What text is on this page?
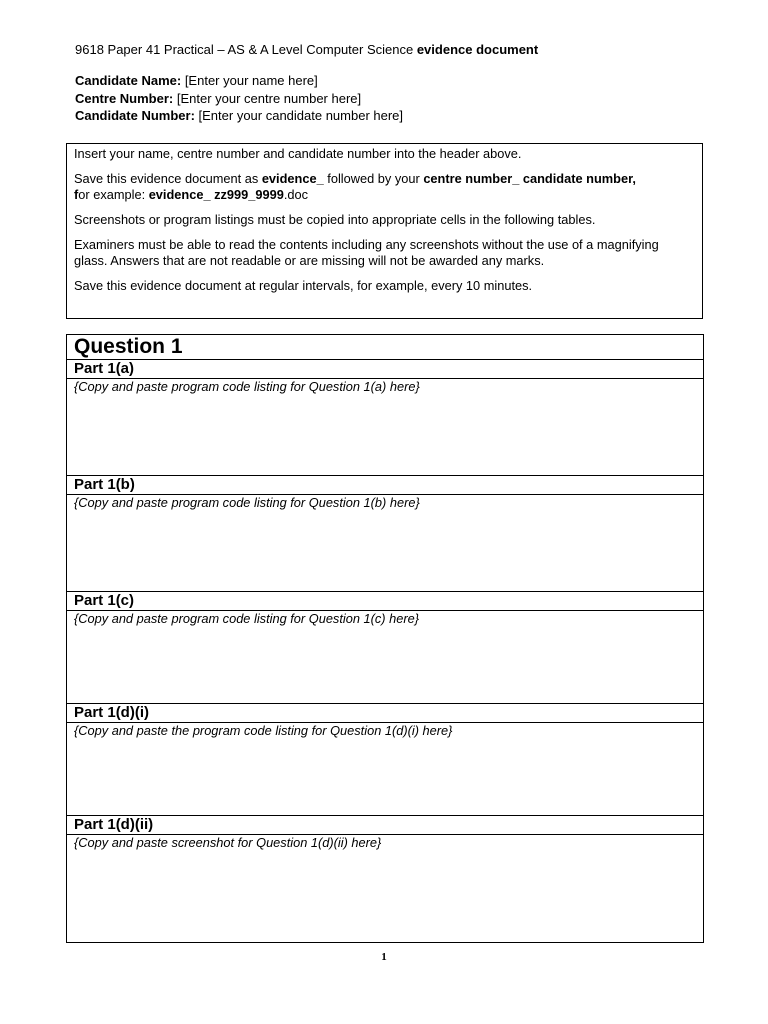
9618 Paper 41 Practical – AS & A Level Computer Science evidence document
Candidate Name: [Enter your name here]
Centre Number: [Enter your centre number here]
Candidate Number: [Enter your candidate number here]

Insert your name, centre number and candidate number into the header above.

Save this evidence document as evidence_ followed by your centre number_ candidate number,
for example: evidence_ zz999_9999.doc

Screenshots or program listings must be copied into appropriate cells in the following tables.

Examiners must be able to read the contents including any screenshots without the use of a magnifying glass. Answers that are not readable or are missing will not be awarded any marks.

Save this evidence document at regular intervals, for example, every 10 minutes.

Question 1
Part 1(a)
{Copy and paste program code listing for Question 1(a) here}
Part 1(b)
{Copy and paste program code listing for Question 1(b) here}
Part 1(c)
{Copy and paste program code listing for Question 1(c) here}
Part 1(d)(i)
{Copy and paste the program code listing for Question 1(d)(i) here}
Part 1(d)(ii)
{Copy and paste screenshot for Question 1(d)(ii) here}
1
